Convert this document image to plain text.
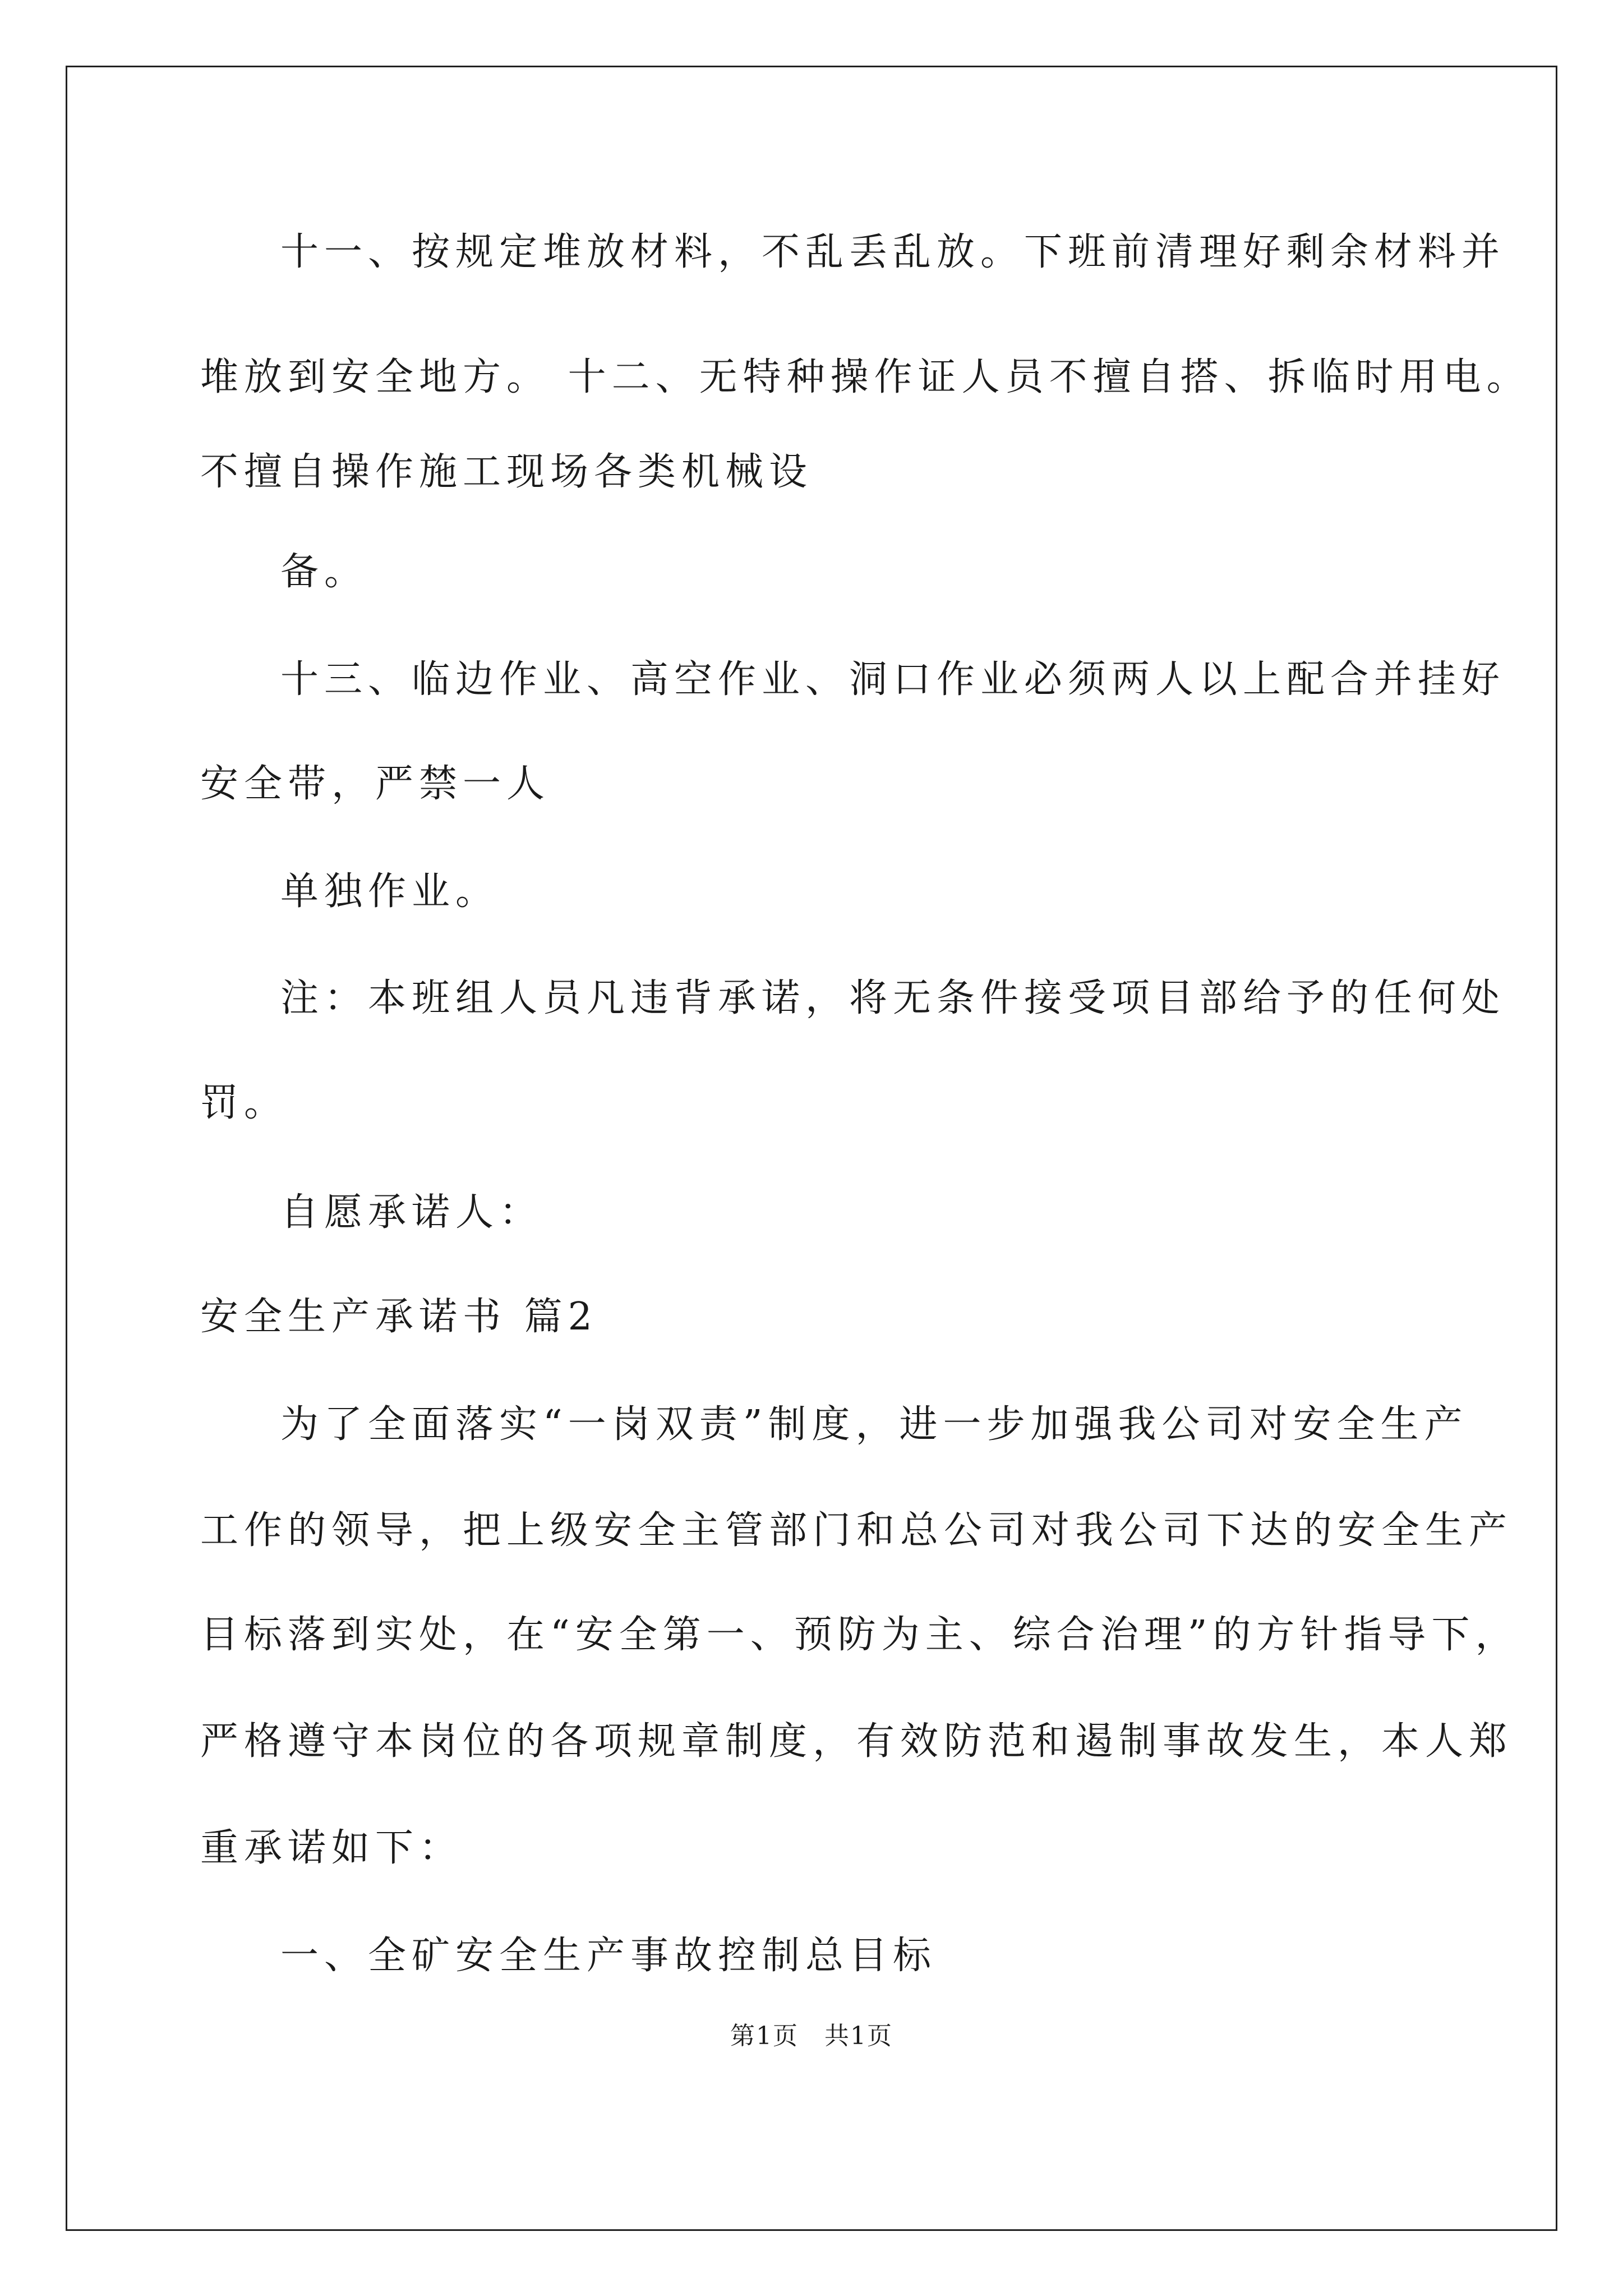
十一、按规定堆放材料，不乱丢乱放。下班前清理好剩余材料并
堆放到安全地方。 十二、无特种操作证人员不擅自搭、拆临时用电。
不擅自操作施工现场各类机械设
备。
十三、临边作业、高空作业、洞口作业必须两人以上配合并挂好
安全带，严禁一人
单独作业。
注：本班组人员凡违背承诺，将无条件接受项目部给予的任何处
罚。
自愿承诺人：
安全生产承诺书 篇2
为了全面落实“一岗双责”制度，进一步加强我公司对安全生产
工作的领导，把上级安全主管部门和总公司对我公司下达的安全生产
目标落到实处，在“安全第一、预防为主、综合治理”的方针指导下，
严格遵守本岗位的各项规章制度，有效防范和遏制事故发生，本人郑
重承诺如下：
一、全矿安全生产事故控制总目标
第1页　共1页
